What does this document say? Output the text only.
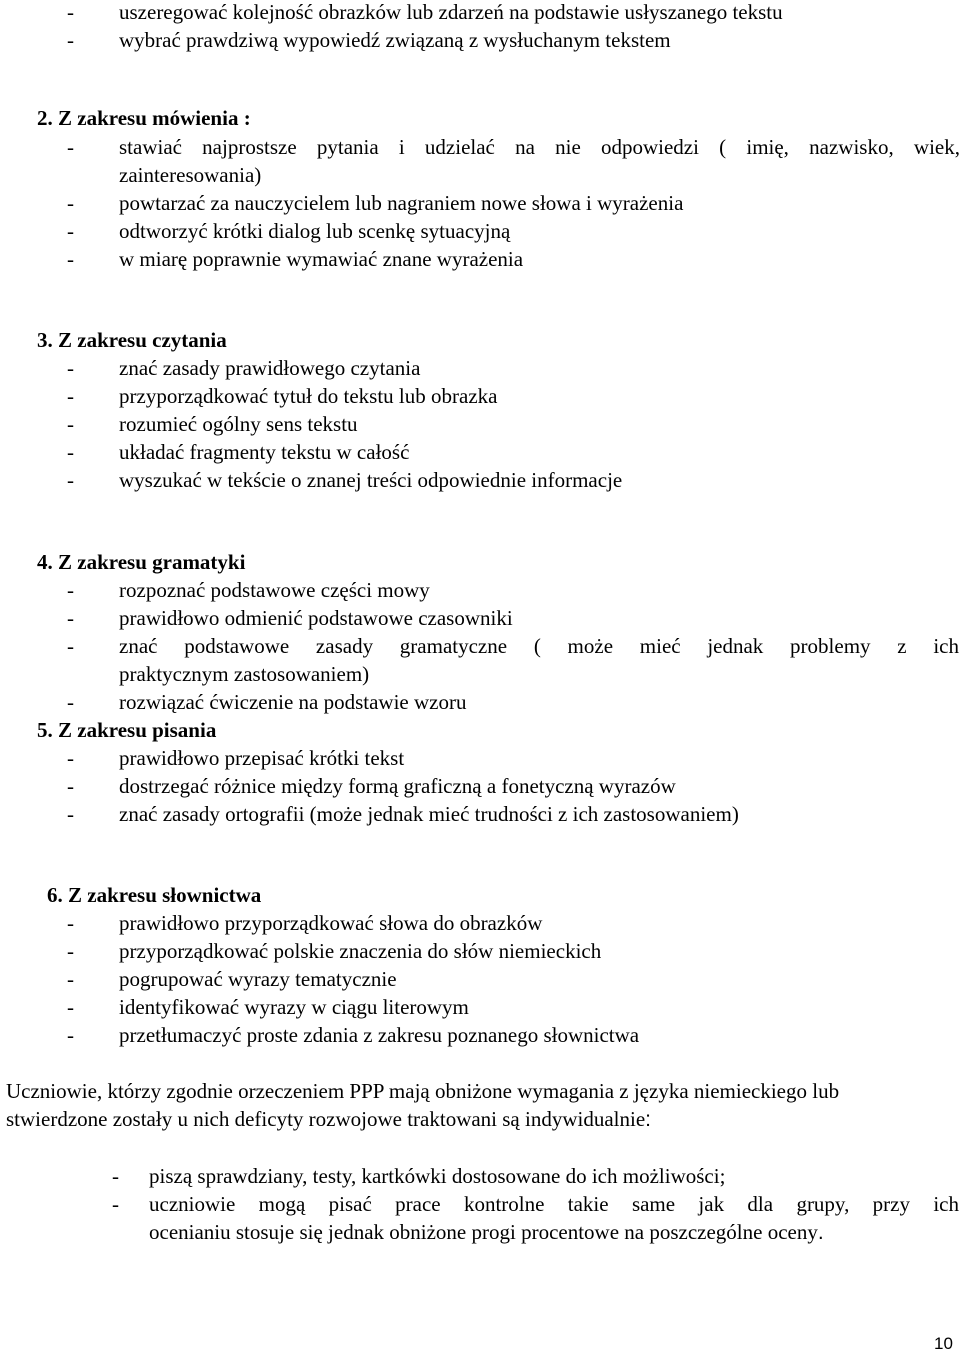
- uszeregować kolejność obrazków lub zdarzeń na podstawie usłyszanego tekstu
- wybrać prawdziwą wypowiedź związaną z wysłuchanym tekstem
2. Z zakresu mówienia :
- stawiać najprostsze pytania i udzielać na nie odpowiedzi ( imię, nazwisko, wiek,
zainteresowania)
- powtarzać za nauczycielem lub nagraniem nowe słowa i wyrażenia
- odtworzyć krótki dialog lub scenkę sytuacyjną
- w miarę poprawnie wymawiać znane wyrażenia
3. Z zakresu czytania
- znać zasady prawidłowego czytania
- przyporządkować tytuł do tekstu lub obrazka
- rozumieć ogólny sens tekstu
- układać fragmenty tekstu w całość
- wyszukać w tekście o znanej treści odpowiednie informacje
4. Z zakresu gramatyki
- rozpoznać podstawowe części mowy
- prawidłowo odmienić podstawowe czasowniki
- znać podstawowe zasady gramatyczne ( może mieć jednak problemy z ich
praktycznym zastosowaniem)
- rozwiązać ćwiczenie na podstawie wzoru
5. Z zakresu pisania
- prawidłowo przepisać krótki tekst
- dostrzegać różnice między formą graficzną a fonetyczną wyrazów
- znać zasady ortografii (może jednak mieć trudności z ich zastosowaniem)
6. Z zakresu słownictwa
- prawidłowo przyporządkować słowa do obrazków
- przyporządkować polskie znaczenia do słów niemieckich
- pogrupować wyrazy tematycznie
- identyfikować wyrazy w ciągu literowym
- przetłumaczyć proste zdania z zakresu poznanego słownictwa
Uczniowie, którzy zgodnie orzeczeniem PPP mają obniżone wymagania z języka niemieckiego lub
stwierdzone zostały u nich deficyty rozwojowe traktowani są indywidualnie:
- piszą sprawdziany, testy, kartkówki dostosowane do ich możliwości;
- uczniowie mogą pisać prace kontrolne takie same jak dla grupy, przy ich
ocenianiu stosuje się jednak obniżone progi procentowe na poszczególne oceny.
10
